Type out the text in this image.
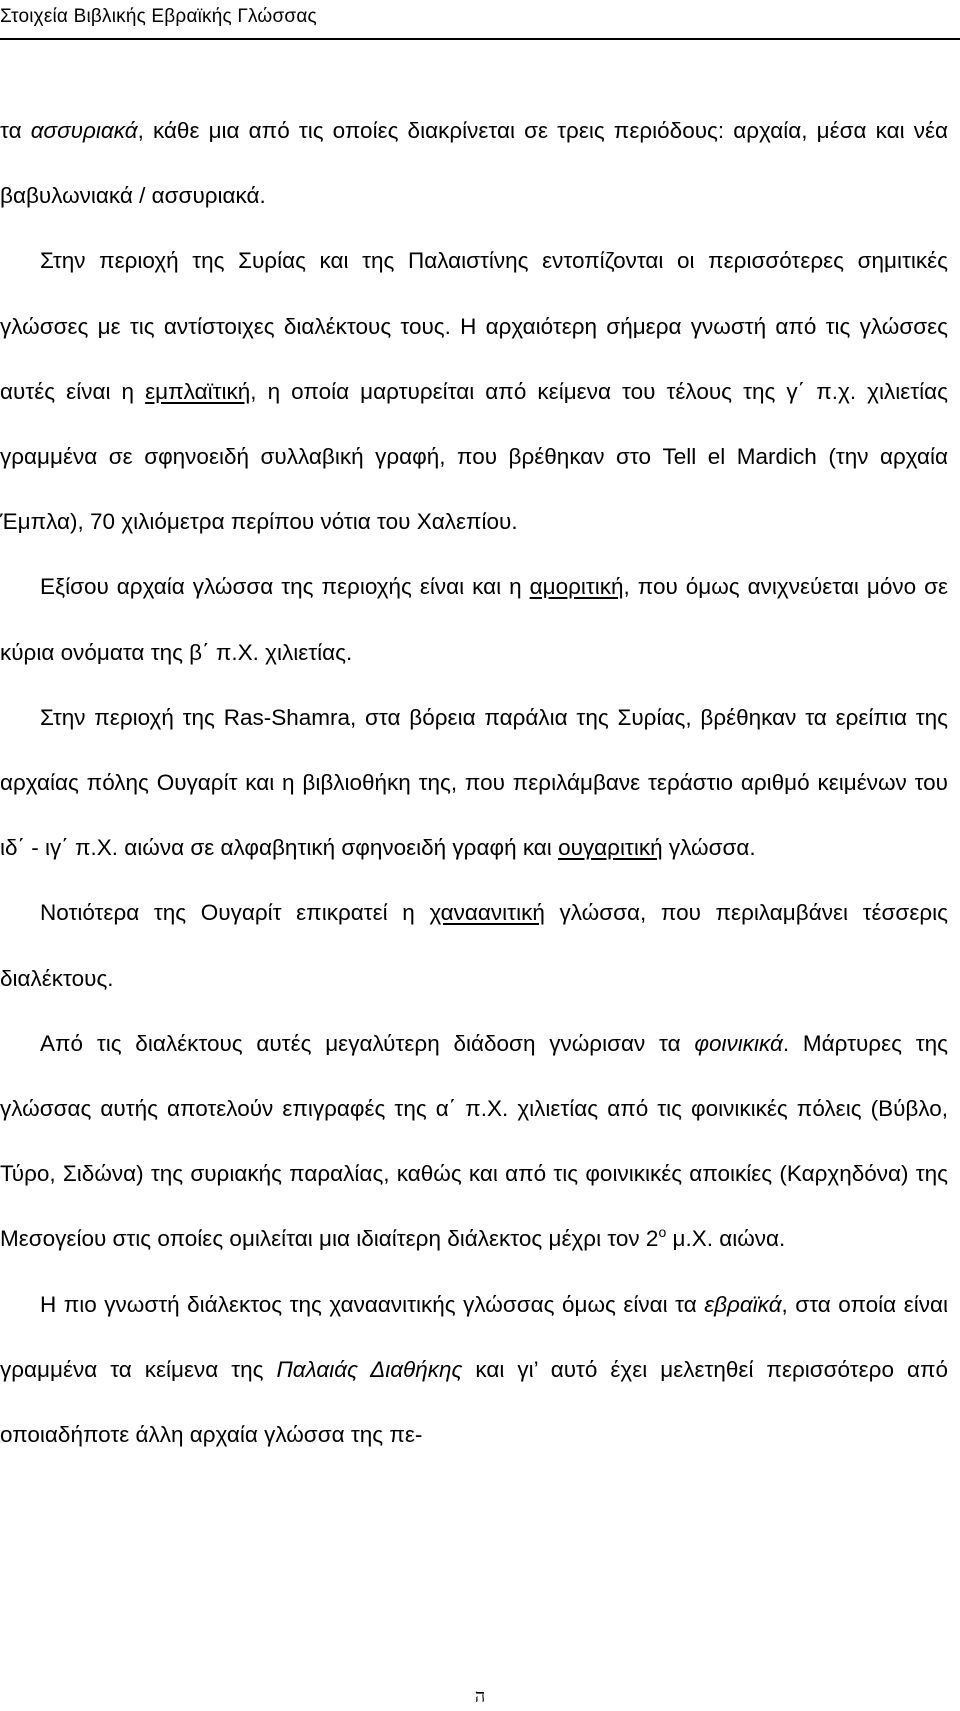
Στοιχεία Βιβλικής Εβραϊκής Γλώσσας

τα ασσυριακά, κάθε μια από τις οποίες διακρίνεται σε τρεις περιόδους: αρχαία, μέσα και νέα βαβυλωνιακά / ασσυριακά.

Στην περιοχή της Συρίας και της Παλαιστίνης εντοπίζονται οι περισσότερες σημιτικές γλώσσες με τις αντίστοιχες διαλέκτους τους. Η αρχαιότερη σήμερα γνωστή από τις γλώσσες αυτές είναι η εμπλαϊτική, η οποία μαρτυρείται από κείμενα του τέλους της γ΄ π.χ. χιλιετίας γραμμένα σε σφηνοειδή συλλαβική γραφή, που βρέθηκαν στο Tell el Mardich (την αρχαία Έμπλα), 70 χιλιόμετρα περίπου νότια του Χαλεπίου.

Εξίσου αρχαία γλώσσα της περιοχής είναι και η αμοριτική, που όμως ανιχνεύεται μόνο σε κύρια ονόματα της β΄ π.Χ. χιλιετίας.

Στην περιοχή της Ras-Shamra, στα βόρεια παράλια της Συρίας, βρέθηκαν τα ερείπια της αρχαίας πόλης Ουγαρίτ και η βιβλιοθήκη της, που περιλάμβανε τεράστιο αριθμό κειμένων του ιδ΄ - ιγ΄ π.Χ. αιώνα σε αλφαβητική σφηνοειδή γραφή και ουγαριτική γλώσσα.

Νοτιότερα της Ουγαρίτ επικρατεί η χαναανιτική γλώσσα, που περιλαμβάνει τέσσερις διαλέκτους.

Από τις διαλέκτους αυτές μεγαλύτερη διάδοση γνώρισαν τα φοινικικά. Μάρτυρες της γλώσσας αυτής αποτελούν επιγραφές της α΄ π.Χ. χιλιετίας από τις φοινικικές πόλεις (Βύβλο, Τύρο, Σιδώνα) της συριακής παραλίας, καθώς και από τις φοινικικές αποικίες (Καρχηδόνα) της Μεσογείου στις οποίες ομιλείται μια ιδιαίτερη διάλεκτος μέχρι τον $2^o$ μ.Χ. αιώνα.

Η πιο γνωστή διάλεκτος της χαναανιτικής γλώσσας όμως είναι τα εβραϊκά, στα οποία είναι γραμμένα τα κείμενα της Παλαιάς Διαθήκης και γι’ αυτό έχει μελετηθεί περισσότερο από οποιαδήποτε άλλη αρχαία γλώσσα της πε-

ה
